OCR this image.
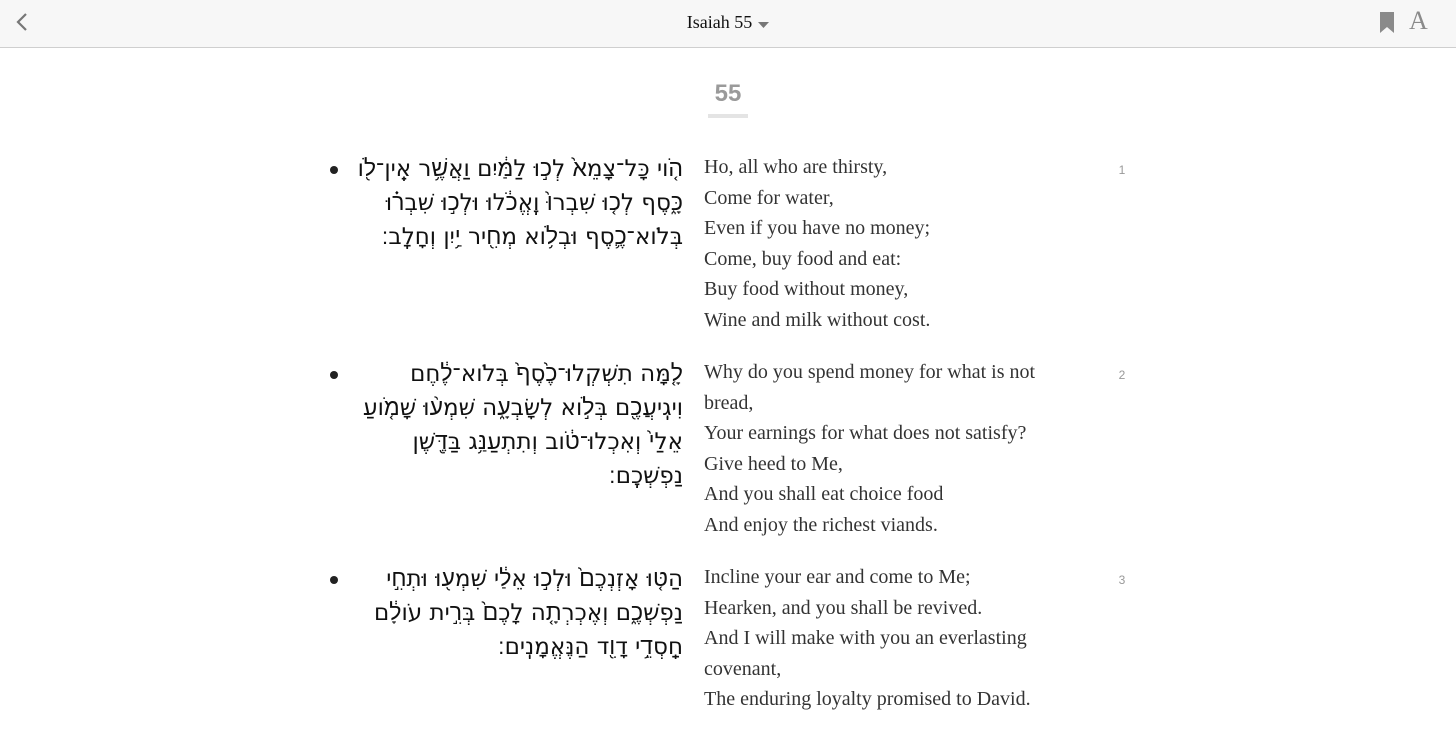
Isaiah 55	A
55
הֹ֤וי כָּל־צָמֵא֙ לְכ֣וּ לַמַּ֔יִם וַאֲשֶׁ֥ר אֵֽין־לֹ֖ו כָּ֑סֶף לְכ֤וּ שִׁבְרוּ֙ וֶֽאֱכֹ֔לוּ וּלְכ֣וּ שִׁבְר֗וּ בְּלֹוא־כֶ֛סֶף וּבְלֹ֥וא מְחִ֖יר יַ֥יִן וְחָלָֽב׃
Ho, all who are thirsty,
Come for water,
Even if you have no money;
Come, buy food and eat:
Buy food without money,
Wine and milk without cost.
1
לָ֤מָּה תִשְׁקְלוּ־כֶ֙סֶף֙ בְּלֹוא־לֶ֔חֶם וִיגִֽיעֲכֶ֖ם בְּלֹ֣וא לְשָׂבְעָ֑ה שִׁמְע֨וּ שָׁמֹ֤ועַ אֵלַי֙ וְאִכְלוּ־טֹ֔וב וְתִתְעַנַּ֥ג בַּדֶּ֖שֶׁן נַפְשְׁכֶֽם׃
Why do you spend money for what is not bread,
Your earnings for what does not satisfy?
Give heed to Me,
And you shall eat choice food
And enjoy the richest viands.
2
הַטּ֤וּ אָזְנְכֶם֙ וּלְכ֣וּ אֵלַ֔י שִׁמְע֖וּ וּתְחִ֣י נַפְשְׁכֶ֑ם וְאֶכְרְתָ֤ה לָכֶם֙ בְּרִ֣ית עֹולָ֔ם חַֽסְדֵ֥י דָוִ֖ד הַנֶּאֱמָנִֽים׃
Incline your ear and come to Me;
Hearken, and you shall be revived.
And I will make with you an everlasting covenant,
The enduring loyalty promised to David.
3
